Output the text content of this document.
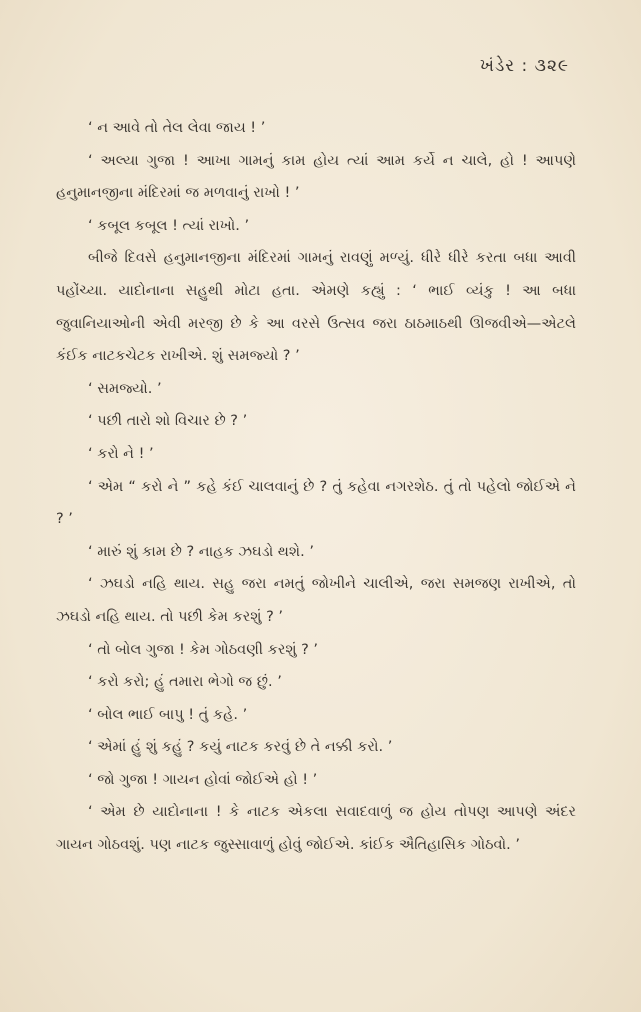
ખંડેર : ૩૨૯

‘ ન આવે તો તેલ લેવા જાય ! ’

‘ અલ્યા ગુજા ! આખા ગામનું કામ હોય ત્યાં આમ કર્યે ન ચાલે, હો ! આપણે હનુમાનજીના મંદિરમાં જ મળવાનું રાખો ! ’

‘ કબૂલ કબૂલ ! ત્યાં રાખો. ’

બીજે દિવસે હનુમાનજીના મંદિરમાં ગામનું રાવણું મળ્યું. ધીરે ધીરે કરતા બધા આવી પહોંચ્યા. યાદોનાના સહુથી મોટા હતા. એમણે કહ્યું : ‘ ભાઈ વ્યંકુ ! આ બધા જુવાનિયાઓની એવી મરજી છે કે આ વરસે ઉત્સવ જરા ઠાઠમાઠથી ઊજવીએ—એટલે કંઈક નાટકચેટક રાખીએ. શું સમજ્યો ? ’

‘ સમજ્યો. ’

‘ પછી તારો શો વિચાર છે ? ’

‘ કરો ને ! ’

‘ એમ “ કરો ને ” કહે કંઈ ચાલવાનું છે ? તું કહેવા નગરશેઠ. તું તો પહેલો જોઈએ ને ? ’

‘ મારું શું કામ છે ? નાહક ઝઘડો થશે. ’

‘ ઝઘડો નહિ થાય. સહુ જરા નમતું જોખીને ચાલીએ, જરા સમજણ રાખીએ, તો ઝઘડો નહિ થાય. તો પછી કેમ કરશું ? ’

‘ તો બોલ ગુજા ! કેમ ગોઠવણી કરશું ? ’

‘ કરો કરો; હું તમારા ભેગો જ છું. ’

‘ બોલ ભાઈ બાપુ ! તું કહે. ’

‘ એમાં હું શું કહું ? કયું નાટક કરવું છે તે નક્કી કરો. ’

‘ જો ગુજા ! ગાયન હોવાં જોઈએ હો ! ’

‘ એમ છે યાદોનાના ! કે નાટક એકલા સવાદવાળું જ હોય તોપણ આપણે અંદર ગાયન ગોઠવશું. પણ નાટક જુસ્સાવાળું હોવું જોઈએ. કાંઈક ઐતિહાસિક ગોઠવો. ’
